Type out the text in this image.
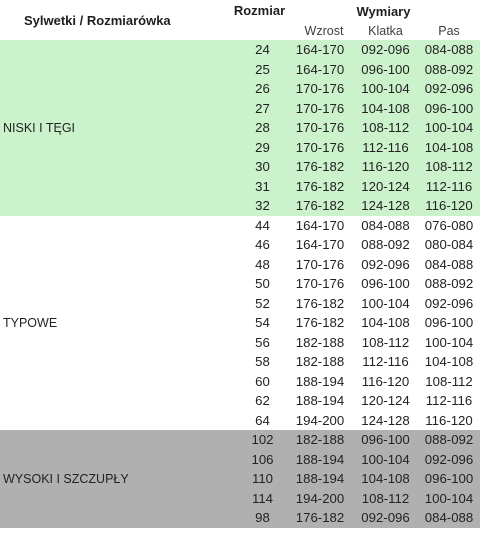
Sylwetki / Rozmiarówka	Rozmiar	Wymiary		
		Wzrost	Klatka	Pas
NISKI I TĘGI	24	164-170	092-096	084-088
	25	164-170	096-100	088-092
	26	170-176	100-104	092-096
	27	170-176	104-108	096-100
	28	170-176	108-112	100-104
	29	170-176	112-116	104-108
	30	176-182	116-120	108-112
	31	176-182	120-124	112-116
	32	176-182	124-128	116-120
TYPOWE	44	164-170	084-088	076-080
	46	164-170	088-092	080-084
	48	170-176	092-096	084-088
	50	170-176	096-100	088-092
	52	176-182	100-104	092-096
	54	176-182	104-108	096-100
	56	182-188	108-112	100-104
	58	182-188	112-116	104-108
	60	188-194	116-120	108-112
	62	188-194	120-124	112-116
	64	194-200	124-128	116-120
WYSOKI I SZCZUPŁY	102	182-188	096-100	088-092
	106	188-194	100-104	092-096
	110	188-194	104-108	096-100
	114	194-200	108-112	100-104
	98	176-182	092-096	084-088
